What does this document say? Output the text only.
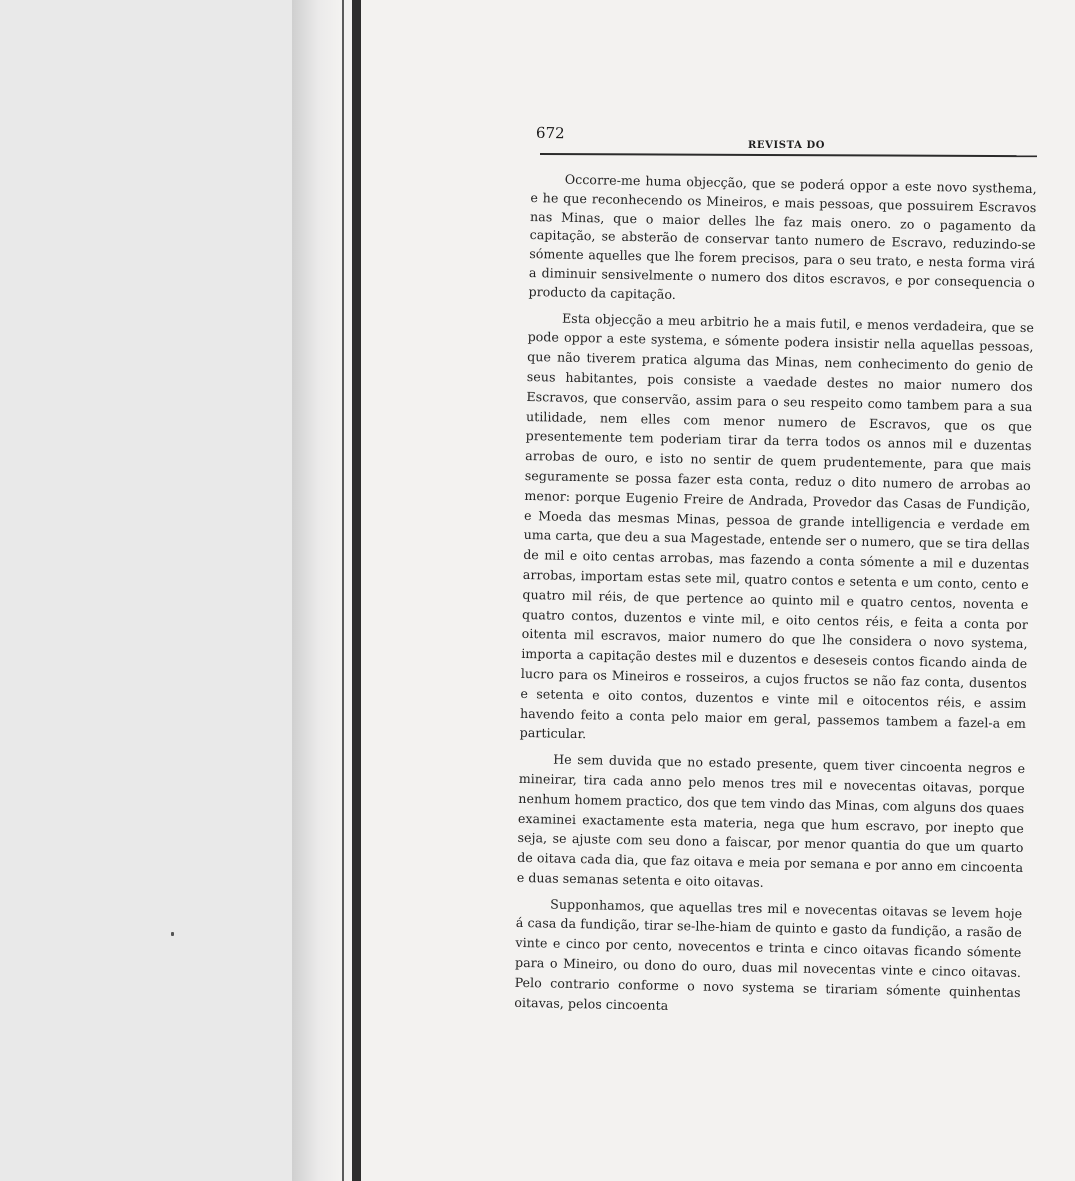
672
REVISTA DO

Occorre-me huma objecção, que se poderá oppor a este novo systhema, e he que reconhecendo os Mineiros, e mais pessoas, que possuirem Escravos nas Minas, que o maior delles lhe faz mais onero. zo o pagamento da capitação, se absterão de conservar tanto numero de Escravo, reduzindo-se sómente aquelles que lhe forem precisos, para o seu trato, e nesta forma virá a diminuir sensivelmente o numero dos ditos escravos, e por consequencia o producto da capitação.

Esta objecção a meu arbitrio he a mais futil, e menos verdadeira, que se pode oppor a este systema, e sómente podera insistir nella aquellas pessoas, que não tiverem pratica alguma das Minas, nem conhecimento do genio de seus habitantes, pois consiste a vaedade destes no maior numero dos Escravos, que conservão, assim para o seu respeito como tambem para a sua utilidade, nem elles com menor numero de Escravos, que os que presentemente tem poderiam tirar da terra todos os annos mil e duzentas arrobas de ouro, e isto no sentir de quem prudentemente, para que mais seguramente se possa fazer esta conta, reduz o dito numero de arrobas ao menor: porque Eugenio Freire de Andrada, Provedor das Casas de Fundição, e Moeda das mesmas Minas, pessoa de grande intelligencia e verdade em uma carta, que deu a sua Magestade, entende ser o numero, que se tira dellas de mil e oito centas arrobas, mas fazendo a conta sómente a mil e duzentas arrobas, importam estas sete mil, quatro contos e setenta e um conto, cento e quatro mil réis, de que pertence ao quinto mil e quatro centos, noventa e quatro contos, duzentos e vinte mil, e oito centos réis, e feita a conta por oitenta mil escravos, maior numero do que lhe considera o novo systema, importa a capitação destes mil e duzentos e deseseis contos ficando ainda de lucro para os Mineiros e rosseiros, a cujos fructos se não faz conta, dusentos e setenta e oito contos, duzentos e vinte mil e oitocentos réis, e assim havendo feito a conta pelo maior em geral, passemos tambem a fazel-a em particular.

He sem duvida que no estado presente, quem tiver cincoenta negros e mineirar, tira cada anno pelo menos tres mil e novecentas oitavas, porque nenhum homem practico, dos que tem vindo das Minas, com alguns dos quaes examinei exactamente esta materia, nega que hum escravo, por inepto que seja, se ajuste com seu dono a faiscar, por menor quantia do que um quarto de oitava cada dia, que faz oitava e meia por semana e por anno em cincoenta e duas semanas setenta e oito oitavas.

Supponhamos, que aquellas tres mil e novecentas oitavas se levem hoje á casa da fundição, tirar se-lhe-hiam de quinto e gasto da fundição, a rasão de vinte e cinco por cento, novecentos e trinta e cinco oitavas ficando sómente para o Mineiro, ou dono do ouro, duas mil novecentas vinte e cinco oitavas. Pelo contrario conforme o novo systema se tirariam sómente quinhentas oitavas, pelos cincoenta
